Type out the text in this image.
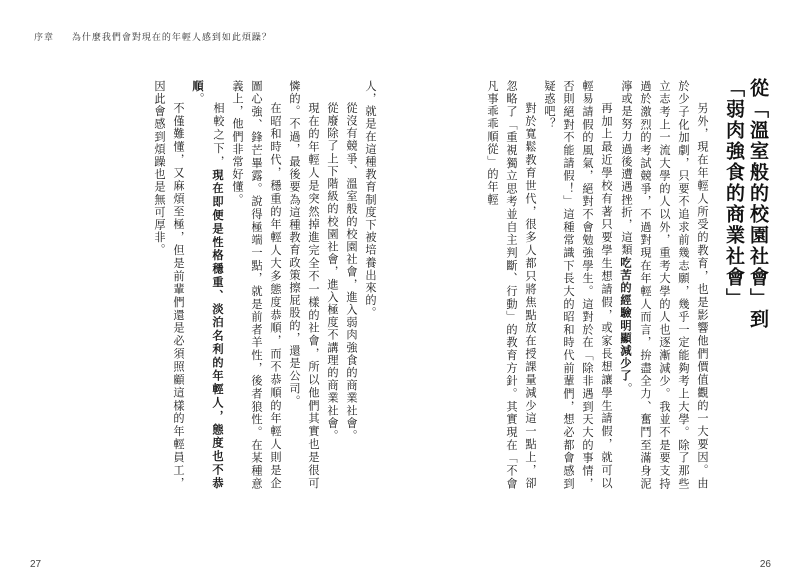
序章 為什麼我們會對現在的年輕人感到如此煩躁？
從「溫室般的校園社會」到
「弱肉強食的商業社會」

另外，現在年輕人所受的教育，也是影響他們價值觀的一大要因。由於少子化加劇，只要不追求前幾志願，幾乎一定能夠考上大學。除了那些立志考上一流大學的人以外，重考大學的人也逐漸減少。我並不是要支持過於激烈的考試競爭，不過對現在年輕人而言，拚盡全力、奮鬥至滿身泥濘或是努力過後遭遇挫折，這類吃苦的經驗明顯減少了。

再加上最近學校有著只要學生想請假，或家長想讓學生請假，就可以輕易請假的風氣，絕對不會勉強學生。這對於在「除非遇到天大的事情，否則絕對不能請假！」這種常識下長大的昭和時代前輩們，想必都會感到疑惑吧？

對於寬鬆教育世代，很多人都只將焦點放在授課量減少這一點上，卻忽略了「重視獨立思考並自主判斷、行動」的教育方針。其實現在「不會凡事乖乖順從」的年輕

人，就是在這種教育制度下被培養出來的。

從沒有競爭、溫室般的校園社會，進入弱肉強食的商業社會。

從廢除了上下階級的校園社會，進入極度不講理的商業社會。

現在的年輕人是突然掉進完全不一樣的社會，所以他們其實也是很可憐的。不過，最後要為這種教育政策擦屁股的，還是公司。

在昭和時代，穩重的年輕人大多態度恭順，而不恭順的年輕人則是企圖心強、鋒芒畢露。說得極端一點，就是前者羊性，後者狼性。在某種意義上，他們非常好懂。

相較之下，現在即便是性格穩重、淡泊名利的年輕人，態度也不恭順。

不僅難懂，又麻煩至極，但是前輩們還是必須照顧這樣的年輕員工，因此會感到煩躁也是無可厚非。

27	26
